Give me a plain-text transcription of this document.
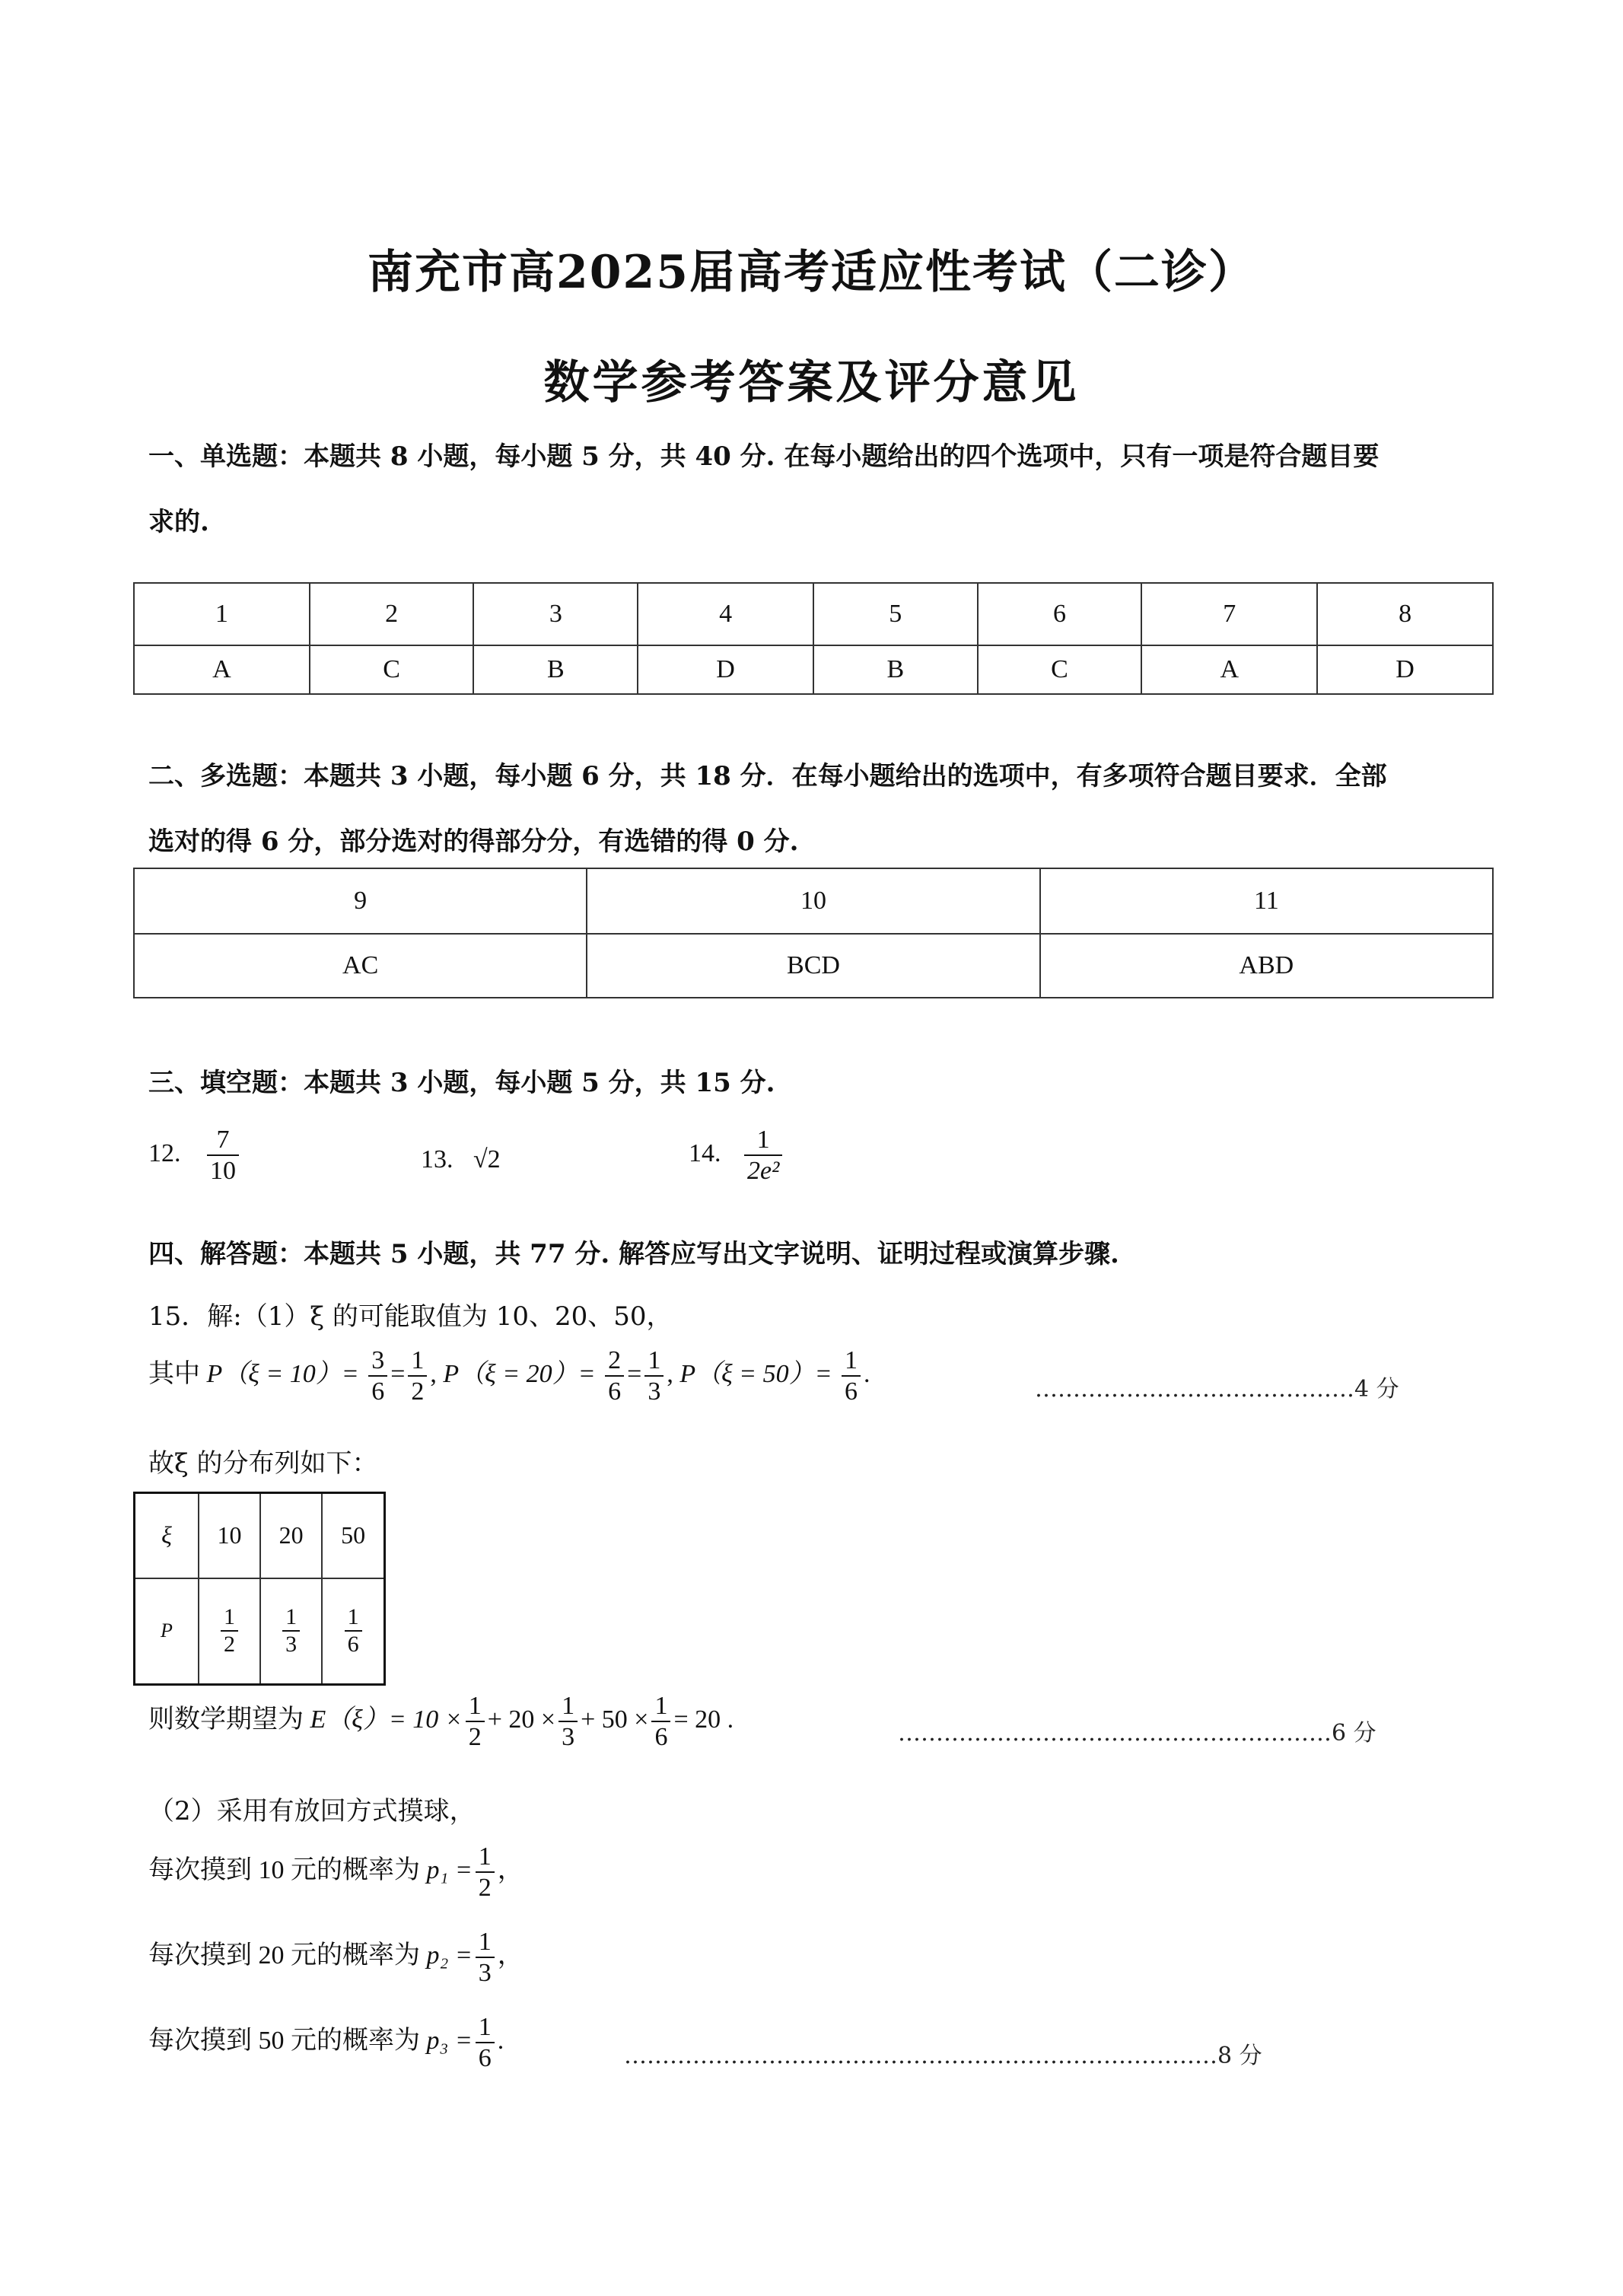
南充市高2025届高考适应性考试（二诊）
数学参考答案及评分意见
一、单选题：本题共 8 小题，每小题 5 分，共 40 分. 在每小题给出的四个选项中，只有一项是符合题目要
求的.
1	2	3	4	5	6	7	8
A	C	B	D	B	C	A	D
二、多选题：本题共 3 小题，每小题 6 分，共 18 分．在每小题给出的选项中，有多项符合题目要求．全部
选对的得 6 分，部分选对的得部分分，有选错的得 0 分.
9	10	11
AC	BCD	ABD
三、填空题：本题共 3 小题，每小题 5 分，共 15 分.
12. $\frac{7}{10}$	13. √2	14. $\frac{1}{\text{2e²}}$
四、解答题：本题共 5 小题，共 77 分. 解答应写出文字说明、证明过程或演算步骤.
15．解:（1）ξ 的可能取值为 10、20、50，
其中 $P(\xi = 10)= \frac{3}{6} = \frac{1}{2}$ , $P(\xi = 20)= \frac{2}{6} = \frac{1}{3}$ , $P(\xi = 50)= \frac{1}{6}$ .
……………………………………4 分
故ξ 的分布列如下：
ξ	10	20	50
P	$\frac{1}{2}$	$\frac{1}{3}$	$\frac{1}{6}$
则数学期望为 $E(\xi)= 10 \times \frac{1}{2} + 20 \times \frac{1}{3} + 50 \times \frac{1}{6} = 20$ .	…………………………………………………6 分
（2）采用有放回方式摸球，
每次摸到 10 元的概率为 $p_1 = \frac{1}{2}$ ，
每次摸到 20 元的概率为 $p_2 = \frac{1}{3}$ ，
每次摸到 50 元的概率为 $p_3 = \frac{1}{6}$ .
……………………………………………………………………8 分
